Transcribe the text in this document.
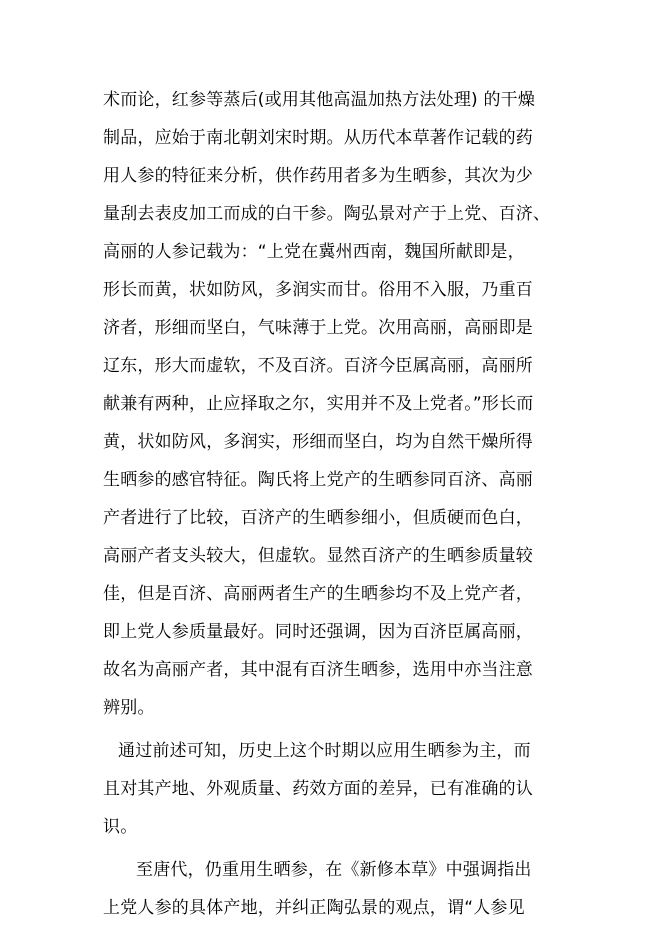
术而论，红参等蒸后(或用其他高温加热方法处理) 的干燥

制品，应始于南北朝刘宋时期。从历代本草著作记载的药

用人参的特征来分析，供作药用者多为生晒参，其次为少

量刮去表皮加工而成的白干参。陶弘景对产于上党、百济、

高丽的人参记载为：“上党在冀州西南，魏国所献即是，

形长而黄，状如防风，多润实而甘。俗用不入服，乃重百

济者，形细而坚白，气味薄于上党。次用高丽，高丽即是

辽东，形大而虚软，不及百济。百济今臣属高丽，高丽所

献兼有两种，止应择取之尔，实用并不及上党者。”形长而

黄，状如防风，多润实，形细而坚白，均为自然干燥所得

生晒参的感官特征。陶氏将上党产的生晒参同百济、高丽

产者进行了比较，百济产的生晒参细小，但质硬而色白，

高丽产者支头较大，但虚软。显然百济产的生晒参质量较

佳，但是百济、高丽两者生产的生晒参均不及上党产者，

即上党人参质量最好。同时还强调，因为百济臣属高丽，

故名为高丽产者，其中混有百济生晒参，选用中亦当注意

辨别。

通过前述可知，历史上这个时期以应用生晒参为主，而

且对其产地、外观质量、药效方面的差异，已有准确的认

识。

至唐代，仍重用生晒参，在《新修本草》中强调指出

上党人参的具体产地，并纠正陶弘景的观点，谓“人参见
